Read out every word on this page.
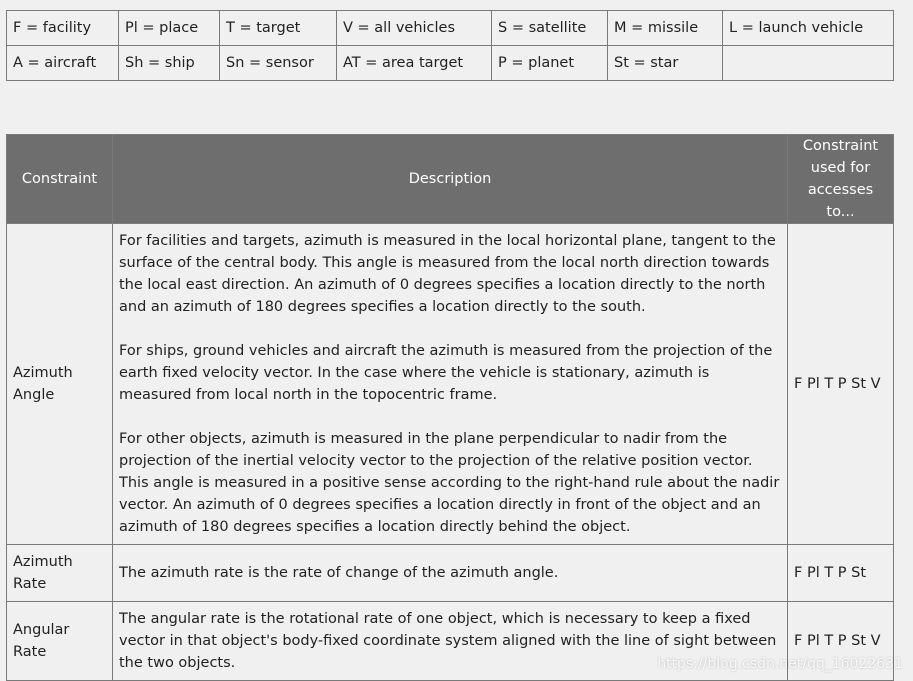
F = facility	Pl = place	T = target	V = all vehicles	S = satellite	M = missile	L = launch vehicle
A = aircraft	Sh = ship	Sn = sensor	AT = area target	P = planet	St = star	
Constraint	Description	Constraint used for accesses to...
Azimuth Angle	For facilities and targets, azimuth is measured in the local horizontal plane, tangent to the surface of the central body. This angle is measured from the local north direction towards the local east direction. An azimuth of 0 degrees specifies a location directly to the north and an azimuth of 180 degrees specifies a location directly to the south.

For ships, ground vehicles and aircraft the azimuth is measured from the projection of the earth fixed velocity vector. In the case where the vehicle is stationary, azimuth is measured from local north in the topocentric frame.

For other objects, azimuth is measured in the plane perpendicular to nadir from the projection of the inertial velocity vector to the projection of the relative position vector. This angle is measured in a positive sense according to the right-hand rule about the nadir vector. An azimuth of 0 degrees specifies a location directly in front of the object and an azimuth of 180 degrees specifies a location directly behind the object.	F Pl T P St V
Azimuth Rate	The azimuth rate is the rate of change of the azimuth angle.	F Pl T P St
Angular Rate	The angular rate is the rotational rate of one object, which is necessary to keep a fixed vector in that object's body-fixed coordinate system aligned with the line of sight between the two objects.	F Pl T P St V
https://blog.csdn.net/qq_16022631
